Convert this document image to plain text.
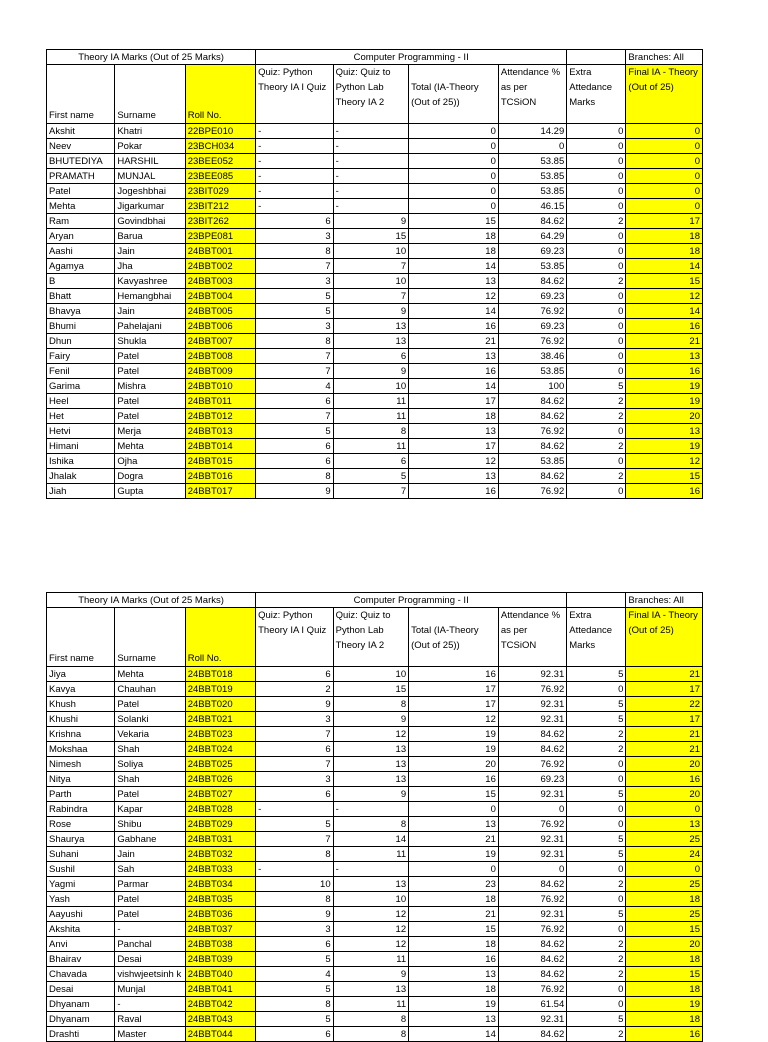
Theory IA Marks (Out of 25 Marks)			Computer Programming - II					Branches: All
First name	Surname	Roll No.	Quiz: Python Theory IA I Quiz	Quiz: Quiz to Python Lab Theory IA 2	Total (IA-Theory (Out of 25))	Attendance % as per TCSiON	Extra Attedance Marks	Final IA - Theory (Out of 25)
Akshit	Khatri	22BPE010	-	-	0	14.29	0	0
Neev	Pokar	23BCH034	-	-	0	0	0	0
BHUTEDIYA	HARSHIL	23BEE052	-	-	0	53.85	0	0
PRAMATH	MUNJAL	23BEE085	-	-	0	53.85	0	0
Patel	Jogeshbhai	23BIT029	-	-	0	53.85	0	0
Mehta	Jigarkumar	23BIT212	-	-	0	46.15	0	0
Ram	Govindbhai	23BIT262	6	9	15	84.62	2	17
Aryan	Barua	23BPE081	3	15	18	64.29	0	18
Aashi	Jain	24BBT001	8	10	18	69.23	0	18
Agamya	Jha	24BBT002	7	7	14	53.85	0	14
B	Kavyashree	24BBT003	3	10	13	84.62	2	15
Bhatt	Hemangbhai	24BBT004	5	7	12	69.23	0	12
Bhavya	Jain	24BBT005	5	9	14	76.92	0	14
Bhumi	Pahelajani	24BBT006	3	13	16	69.23	0	16
Dhun	Shukla	24BBT007	8	13	21	76.92	0	21
Fairy	Patel	24BBT008	7	6	13	38.46	0	13
Fenil	Patel	24BBT009	7	9	16	53.85	0	16
Garima	Mishra	24BBT010	4	10	14	100	5	19
Heel	Patel	24BBT011	6	11	17	84.62	2	19
Het	Patel	24BBT012	7	11	18	84.62	2	20
Hetvi	Merja	24BBT013	5	8	13	76.92	0	13
Himani	Mehta	24BBT014	6	11	17	84.62	2	19
Ishika	Ojha	24BBT015	6	6	12	53.85	0	12
Jhalak	Dogra	24BBT016	8	5	13	84.62	2	15
Jiah	Gupta	24BBT017	9	7	16	76.92	0	16
Theory IA Marks (Out of 25 Marks)			Computer Programming - II					Branches: All
First name	Surname	Roll No.	Quiz: Python Theory IA I Quiz	Quiz: Quiz to Python Lab Theory IA 2	Total (IA-Theory (Out of 25))	Attendance % as per TCSiON	Extra Attedance Marks	Final IA - Theory (Out of 25)
Jiya	Mehta	24BBT018	6	10	16	92.31	5	21
Kavya	Chauhan	24BBT019	2	15	17	76.92	0	17
Khush	Patel	24BBT020	9	8	17	92.31	5	22
Khushi	Solanki	24BBT021	3	9	12	92.31	5	17
Krishna	Vekaria	24BBT023	7	12	19	84.62	2	21
Mokshaa	Shah	24BBT024	6	13	19	84.62	2	21
Nimesh	Soliya	24BBT025	7	13	20	76.92	0	20
Nitya	Shah	24BBT026	3	13	16	69.23	0	16
Parth	Patel	24BBT027	6	9	15	92.31	5	20
Rabindra	Kapar	24BBT028	-	-	0	0	0	0
Rose	Shibu	24BBT029	5	8	13	76.92	0	13
Shaurya	Gabhane	24BBT031	7	14	21	92.31	5	25
Suhani	Jain	24BBT032	8	11	19	92.31	5	24
Sushil	Sah	24BBT033	-	-	0	0	0	0
Yagmi	Parmar	24BBT034	10	13	23	84.62	2	25
Yash	Patel	24BBT035	8	10	18	76.92	0	18
Aayushi	Patel	24BBT036	9	12	21	92.31	5	25
Akshita	-	24BBT037	3	12	15	76.92	0	15
Anvi	Panchal	24BBT038	6	12	18	84.62	2	20
Bhairav	Desai	24BBT039	5	11	16	84.62	2	18
Chavada	vishwjeetsinh k	24BBT040	4	9	13	84.62	2	15
Desai	Munjal	24BBT041	5	13	18	76.92	0	18
Dhyanam	-	24BBT042	8	11	19	61.54	0	19
Dhyanam	Raval	24BBT043	5	8	13	92.31	5	18
Drashti	Master	24BBT044	6	8	14	84.62	2	16
